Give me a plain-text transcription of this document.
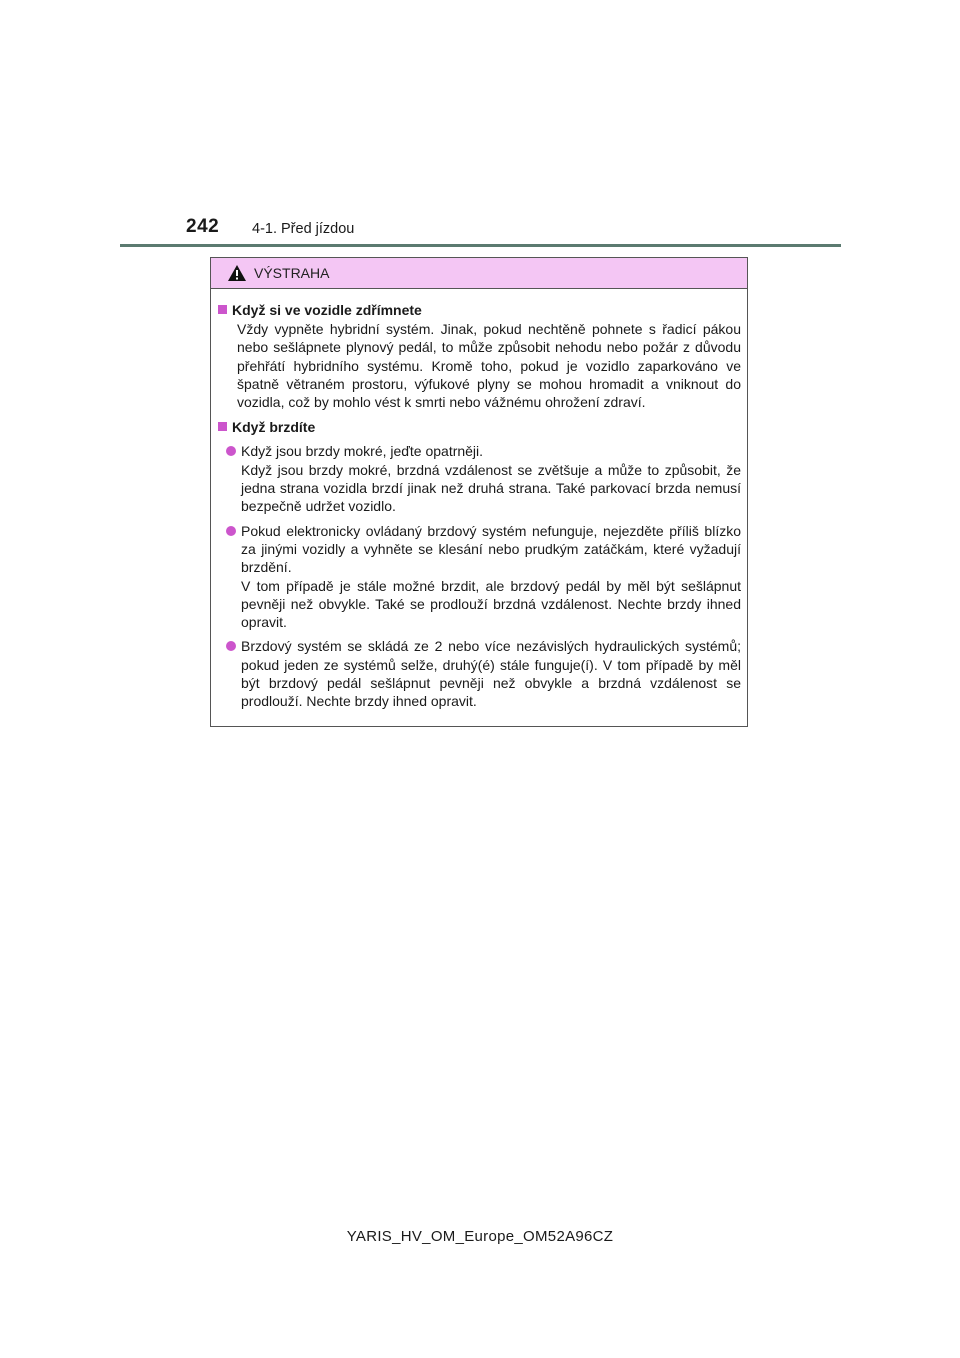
242 4-1. Před jízdou
VÝSTRAHA
Když si ve vozidle zdřímnete
Vždy vypněte hybridní systém. Jinak, pokud nechtěně pohnete s řadicí pákou nebo sešlápnete plynový pedál, to může způsobit nehodu nebo požár z důvodu přehřátí hybridního systému. Kromě toho, pokud je vozidlo zaparkováno ve špatně větraném prostoru, výfukové plyny se mohou hromadit a vniknout do vozidla, což by mohlo vést k smrti nebo vážnému ohrožení zdraví.
Když brzdíte
Když jsou brzdy mokré, jeďte opatrněji.
Když jsou brzdy mokré, brzdná vzdálenost se zvětšuje a může to způsobit, že jedna strana vozidla brzdí jinak než druhá strana. Také parkovací brzda nemusí bezpečně udržet vozidlo.
Pokud elektronicky ovládaný brzdový systém nefunguje, nejezděte příliš blízko za jinými vozidly a vyhněte se klesání nebo prudkým zatáčkám, které vyžadují brzdění.
V tom případě je stále možné brzdit, ale brzdový pedál by měl být sešlápnut pevněji než obvykle. Také se prodlouží brzdná vzdálenost. Nechte brzdy ihned opravit.
Brzdový systém se skládá ze 2 nebo více nezávislých hydraulických systémů; pokud jeden ze systémů selže, druhý(é) stále funguje(í). V tom případě by měl být brzdový pedál sešlápnut pevněji než obvykle a brzdná vzdálenost se prodlouží. Nechte brzdy ihned opravit.
YARIS_HV_OM_Europe_OM52A96CZ
